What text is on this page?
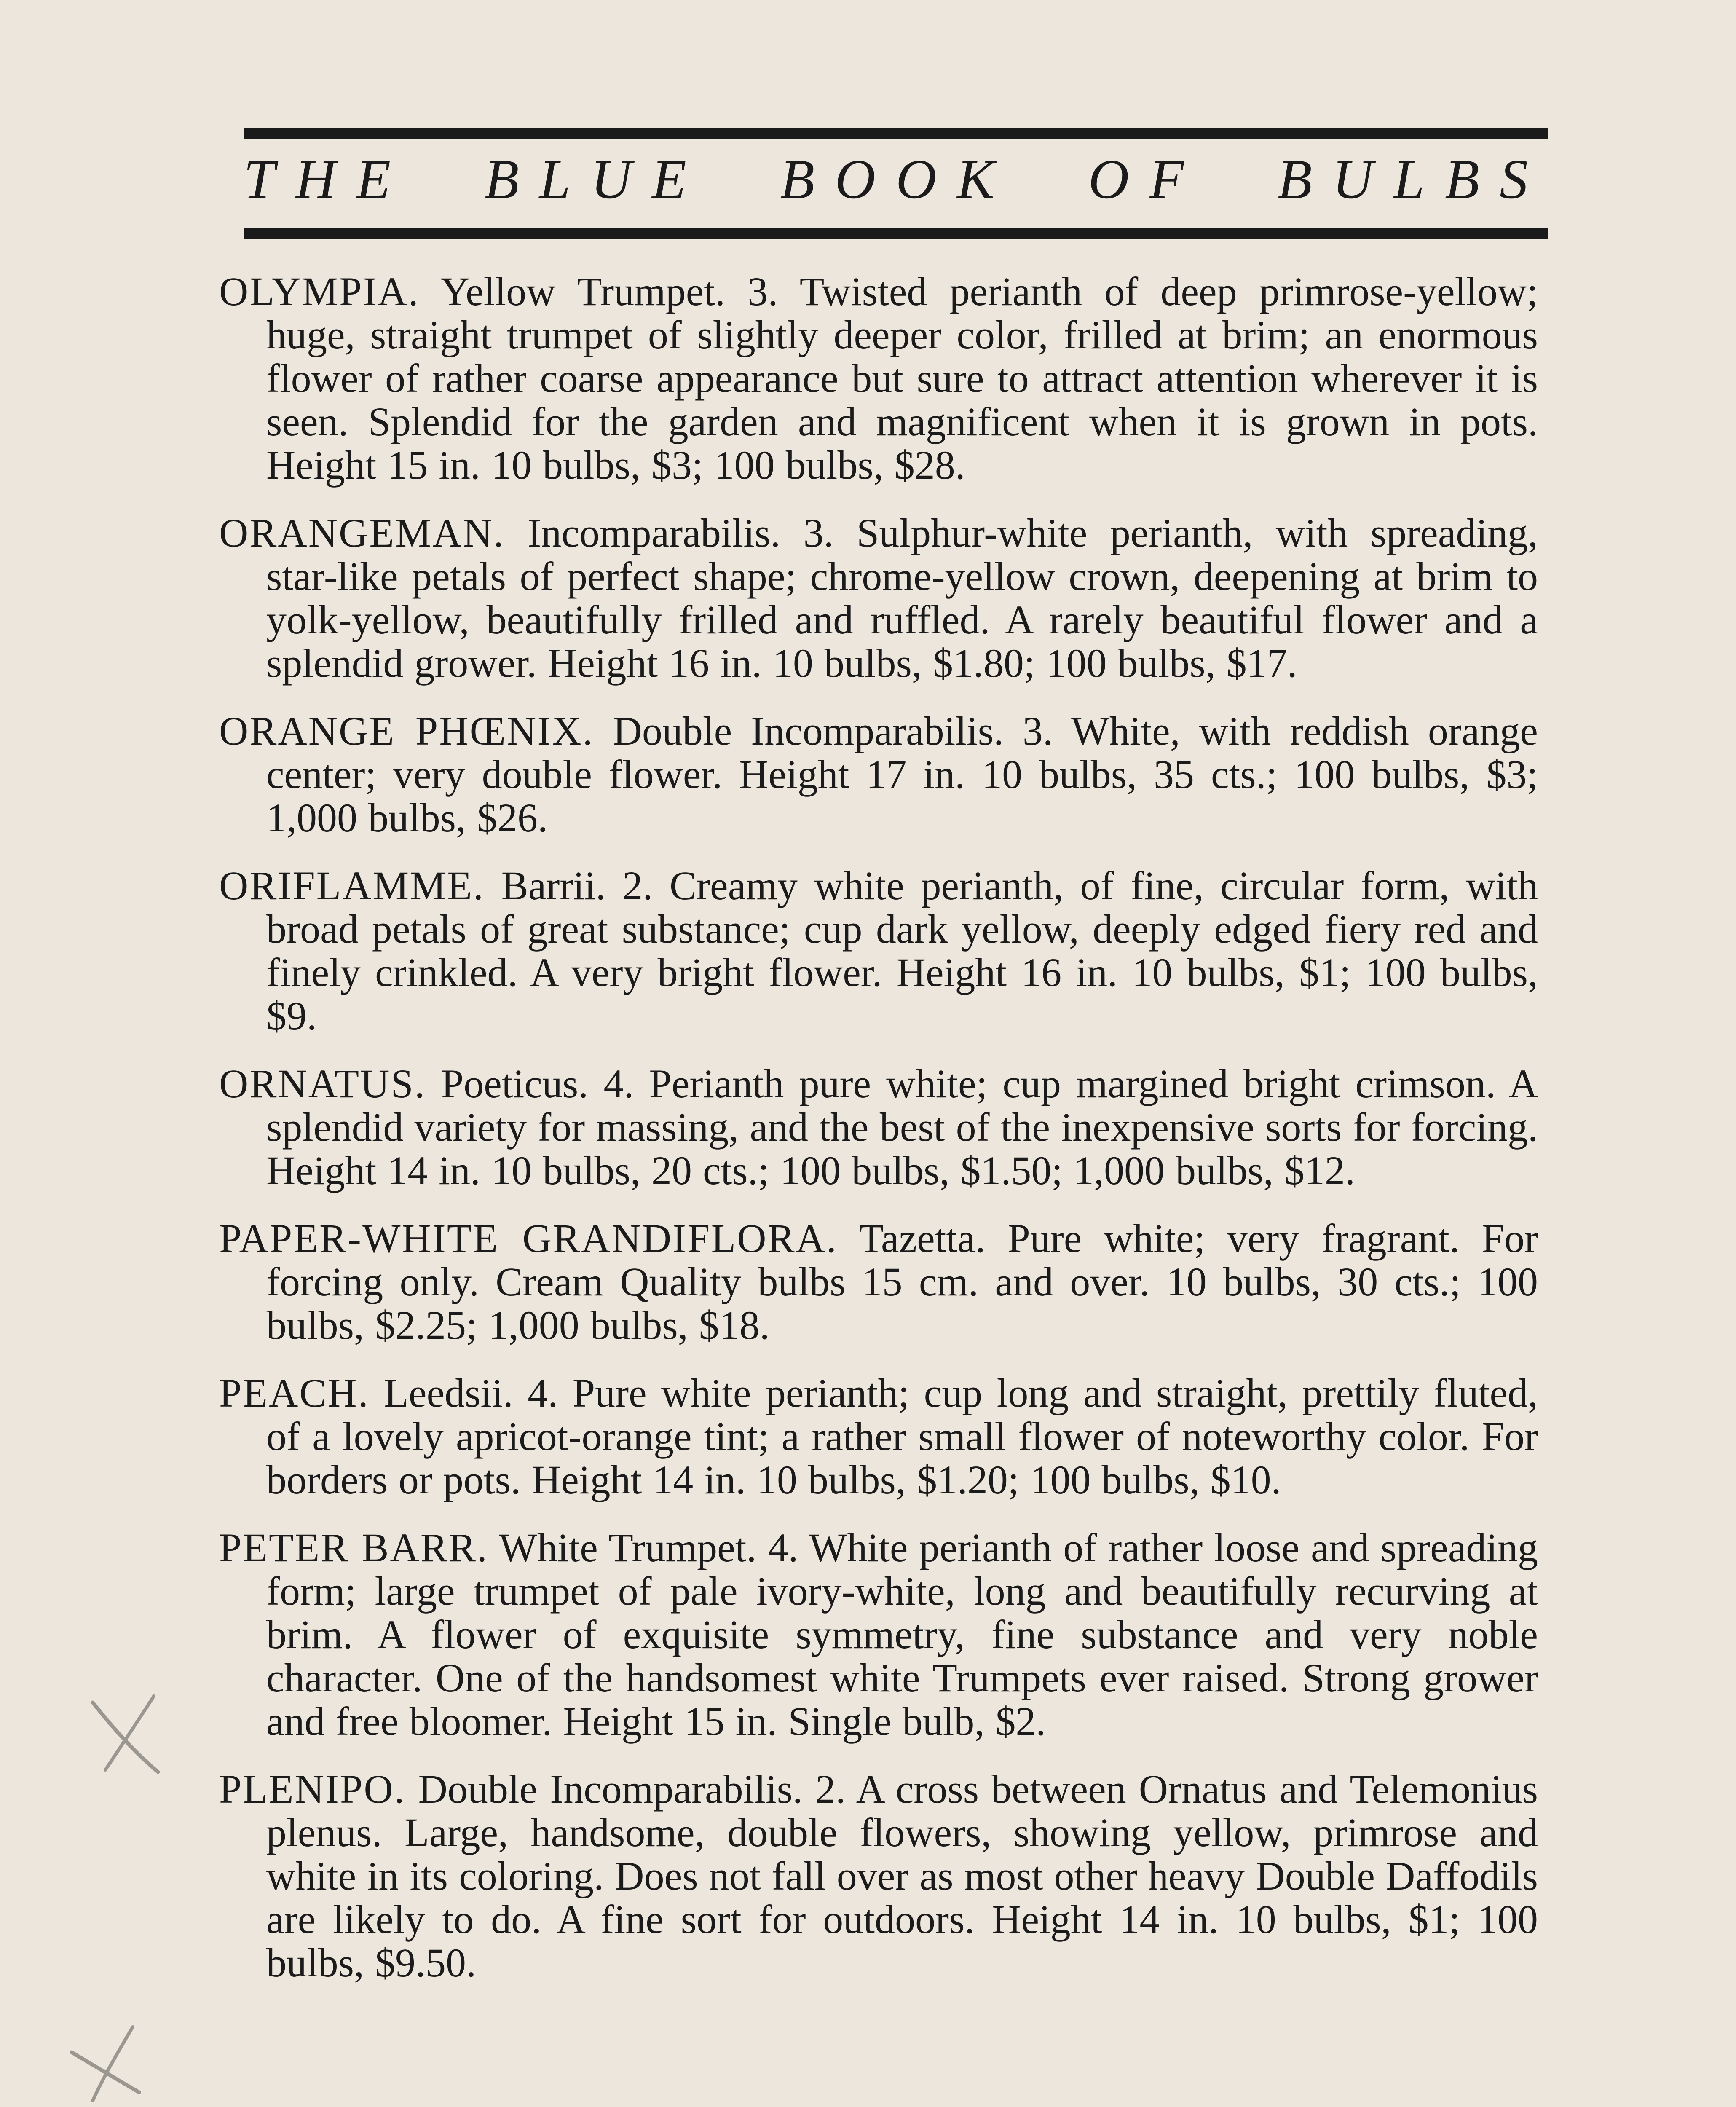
THE BLUE BOOK OF BULBS
OLYMPIA. Yellow Trumpet. 3. Twisted perianth of deep primrose-yellow; huge, straight trumpet of slightly deeper color, frilled at brim; an enormous flower of rather coarse appearance but sure to attract attention wherever it is seen. Splendid for the garden and magnificent when it is grown in pots. Height 15 in. 10 bulbs, $3; 100 bulbs, $28.
ORANGEMAN. Incomparabilis. 3. Sulphur-white perianth, with spreading, star-like petals of perfect shape; chrome-yellow crown, deepening at brim to yolk-yellow, beautifully frilled and ruffled. A rarely beautiful flower and a splendid grower. Height 16 in. 10 bulbs, $1.80; 100 bulbs, $17.
ORANGE PHŒNIX. Double Incomparabilis. 3. White, with reddish orange center; very double flower. Height 17 in. 10 bulbs, 35 cts.; 100 bulbs, $3; 1,000 bulbs, $26.
ORIFLAMME. Barrii. 2. Creamy white perianth, of fine, circular form, with broad petals of great substance; cup dark yellow, deeply edged fiery red and finely crinkled. A very bright flower. Height 16 in. 10 bulbs, $1; 100 bulbs, $9.
ORNATUS. Poeticus. 4. Perianth pure white; cup margined bright crimson. A splendid variety for massing, and the best of the inexpensive sorts for forcing. Height 14 in. 10 bulbs, 20 cts.; 100 bulbs, $1.50; 1,000 bulbs, $12.
PAPER-WHITE GRANDIFLORA. Tazetta. Pure white; very fragrant. For forcing only. Cream Quality bulbs 15 cm. and over. 10 bulbs, 30 cts.; 100 bulbs, $2.25; 1,000 bulbs, $18.
PEACH. Leedsii. 4. Pure white perianth; cup long and straight, prettily fluted, of a lovely apricot-orange tint; a rather small flower of noteworthy color. For borders or pots. Height 14 in. 10 bulbs, $1.20; 100 bulbs, $10.
PETER BARR. White Trumpet. 4. White perianth of rather loose and spreading form; large trumpet of pale ivory-white, long and beautifully recurving at brim. A flower of exquisite symmetry, fine substance and very noble character. One of the handsomest white Trumpets ever raised. Strong grower and free bloomer. Height 15 in. Single bulb, $2.
PLENIPO. Double Incomparabilis. 2. A cross between Ornatus and Telemonius plenus. Large, handsome, double flowers, showing yellow, primrose and white in its coloring. Does not fall over as most other heavy Double Daffodils are likely to do. A fine sort for outdoors. Height 14 in. 10 bulbs, $1; 100 bulbs, $9.50.
